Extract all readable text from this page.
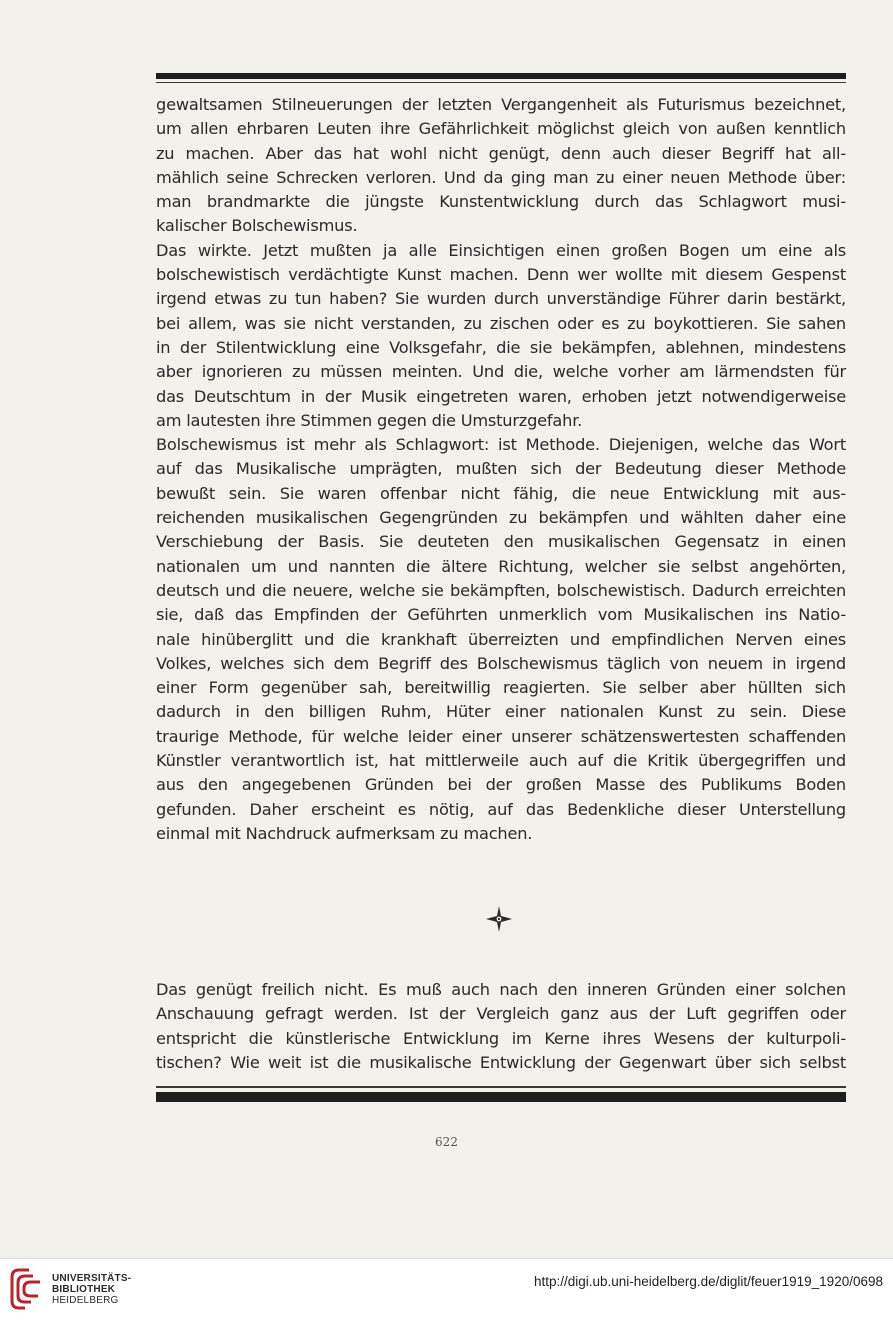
gewaltsamen Stilneuerungen der letzten Vergangenheit als Futurismus bezeichnet,
um allen ehrbaren Leuten ihre Gefährlichkeit möglichst gleich von außen kenntlich
zu machen. Aber das hat wohl nicht genügt, denn auch dieser Begriff hat all-
mählich seine Schrecken verloren. Und da ging man zu einer neuen Methode über:
man brandmarkte die jüngste Kunstentwicklung durch das Schlagwort musi-
kalischer Bolschewismus.
Das wirkte. Jetzt mußten ja alle Einsichtigen einen großen Bogen um eine als
bolschewistisch verdächtigte Kunst machen. Denn wer wollte mit diesem Gespenst
irgend etwas zu tun haben? Sie wurden durch unverständige Führer darin bestärkt,
bei allem, was sie nicht verstanden, zu zischen oder es zu boykottieren. Sie sahen
in der Stilentwicklung eine Volksgefahr, die sie bekämpfen, ablehnen, mindestens
aber ignorieren zu müssen meinten. Und die, welche vorher am lärmendsten für
das Deutschtum in der Musik eingetreten waren, erhoben jetzt notwendigerweise
am lautesten ihre Stimmen gegen die Umsturzgefahr.
Bolschewismus ist mehr als Schlagwort: ist Methode. Diejenigen, welche das Wort
auf das Musikalische umprägten, mußten sich der Bedeutung dieser Methode
bewußt sein. Sie waren offenbar nicht fähig, die neue Entwicklung mit aus-
reichenden musikalischen Gegengründen zu bekämpfen und wählten daher eine
Verschiebung der Basis. Sie deuteten den musikalischen Gegensatz in einen
nationalen um und nannten die ältere Richtung, welcher sie selbst angehörten,
deutsch und die neuere, welche sie bekämpften, bolschewistisch. Dadurch erreichten
sie, daß das Empfinden der Geführten unmerklich vom Musikalischen ins Natio-
nale hinüberglitt und die krankhaft überreizten und empfindlichen Nerven eines
Volkes, welches sich dem Begriff des Bolschewismus täglich von neuem in irgend
einer Form gegenüber sah, bereitwillig reagierten. Sie selber aber hüllten sich
dadurch in den billigen Ruhm, Hüter einer nationalen Kunst zu sein. Diese
traurige Methode, für welche leider einer unserer schätzenswertesten schaffenden
Künstler verantwortlich ist, hat mittlerweile auch auf die Kritik übergegriffen und
aus den angegebenen Gründen bei der großen Masse des Publikums Boden
gefunden. Daher erscheint es nötig, auf das Bedenkliche dieser Unterstellung
einmal mit Nachdruck aufmerksam zu machen.
Das genügt freilich nicht. Es muß auch nach den inneren Gründen einer solchen
Anschauung gefragt werden. Ist der Vergleich ganz aus der Luft gegriffen oder
entspricht die künstlerische Entwicklung im Kerne ihres Wesens der kulturpoli-
tischen? Wie weit ist die musikalische Entwicklung der Gegenwart über sich selbst
622
UNIVERSITÄTS-
BIBLIOTHEK
HEIDELBERG
http://digi.ub.uni-heidelberg.de/diglit/feuer1919_1920/0698
